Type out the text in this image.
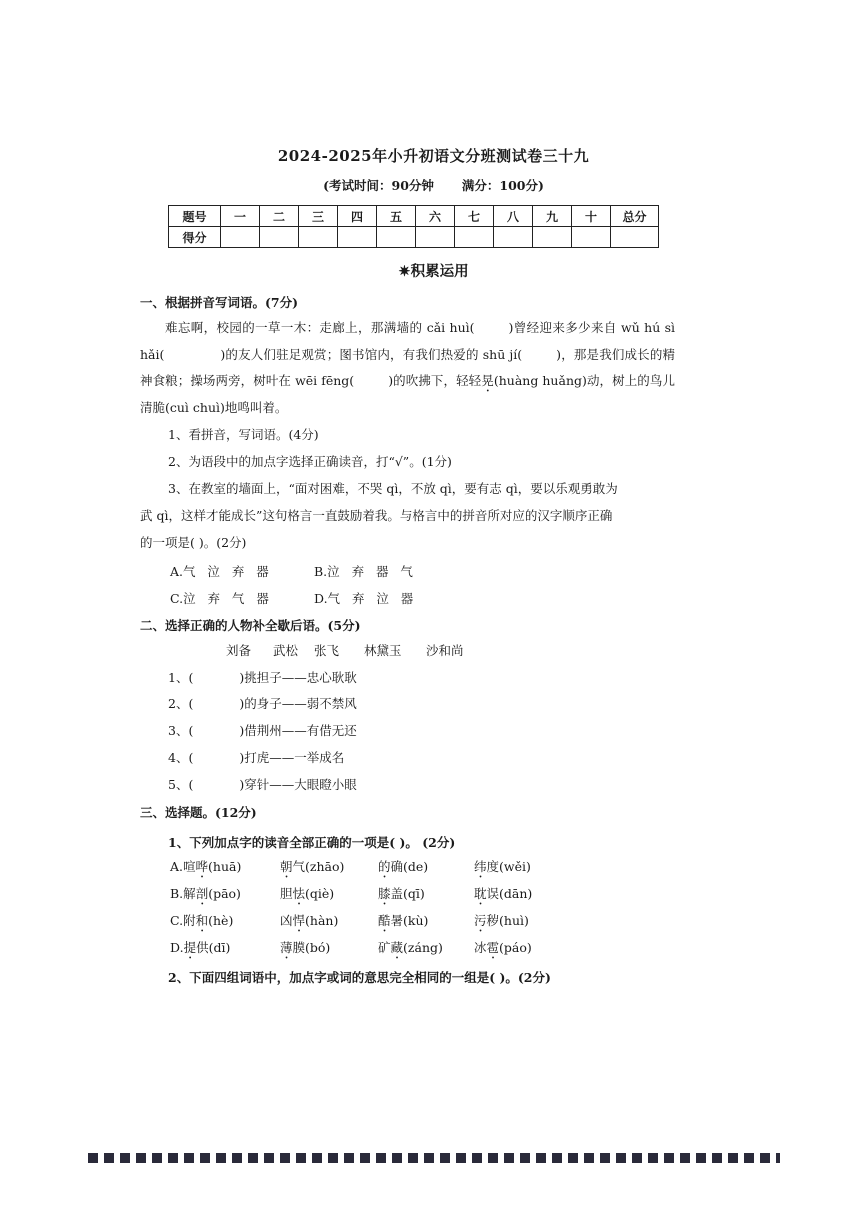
2024-2025年小升初语文分班测试卷三十九
(考试时间：90分钟 满分：100分)
题号	一	二	三	四	五	六	七	八	九	十	总分
得分											
✷积累运用
一、根据拼音写词语。(7分)
难忘啊，校园的一草一木：走廊上，那满墙的 cǎi huì(	)曾经迎来多少来自 wǔ hú sì hǎi(	)的友人们驻足观赏；图书馆内，有我们热爱的 shū jí(	)，那是我们成长的精神食粮；操场两旁，树叶在 wēi fēng(	)的吹拂下，轻轻晃(huàng huǎng)动，树上的鸟儿清脆(cuì chuì)地鸣叫着。
1、看拼音，写词语。(4分)
2、为语段中的加点字选择正确读音，打“√”。(1分)
3、在教室的墙面上，“面对困难，不哭 qì，不放 qì，要有志 qì，要以乐观勇敢为
武 qì，这样才能成长”这句格言一直鼓励着我。与格言中的拼音所对应的汉字顺序正确
的一项是( )。(2分)
A.气   泣   弃   器	B.泣   弃   器   气
C.泣   弃   气   器	D.气   弃   泣   器
二、选择正确的人物补全歇后语。(5分)
刘备 武松 张飞 林黛玉 沙和尚
1、(	)挑担子——忠心耿耿
2、(	)的身子——弱不禁风
3、(	)借荆州——有借无还
4、(	)打虎——一举成名
5、(	)穿针——大眼瞪小眼
三、选择题。(12分)
1、下列加点字的读音全部正确的一项是( )。 (2分)
A.喧哗(huā)	朝气(zhāo)	的确(de)	纬度(wěi)
B.解剖(pāo)	胆怯(qiè)	膝盖(qī)	耽误(dān)
C.附和(hè)	凶悍(hàn)	酷暑(kù)	污秽(huì)
D.提供(dī)	薄膜(bó)	矿藏(záng) 冰雹(páo)
2、下面四组词语中，加点字或词的意思完全相同的一组是( )。(2分)
